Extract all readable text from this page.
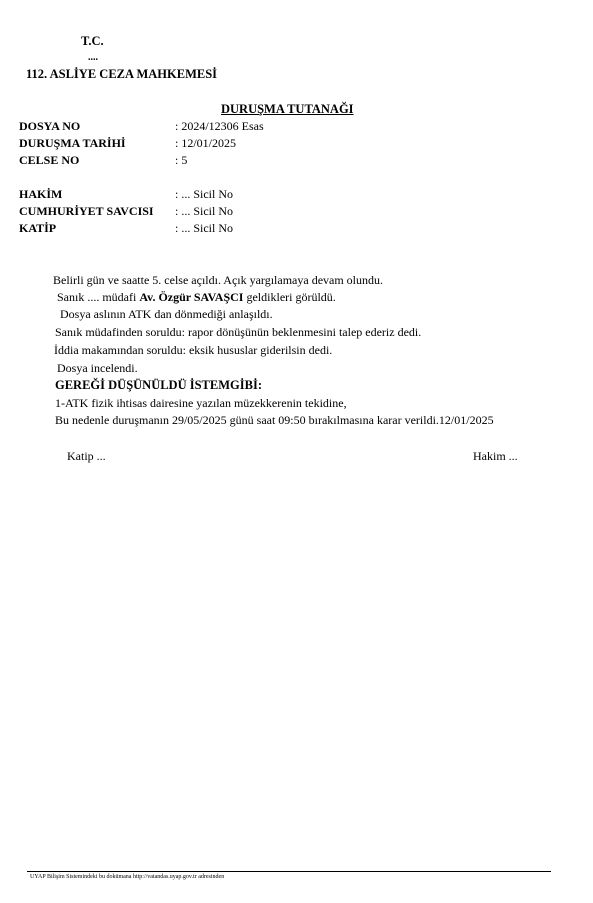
T.C.
....
112. ASLİYE CEZA MAHKEMESİ
DURUŞMA TUTANAĞI
DOSYA NO	: 2024/12306 Esas
DURUŞMA TARİHİ	: 12/01/2025
CELSE NO	: 5
HAKİM	: ... Sicil No
CUMHURİYET SAVCISI : ... Sicil No
KATİP	: ... Sicil No
Belirli gün ve saatte 5. celse açıldı. Açık yargılamaya devam olundu.
Sanık .... müdafi Av. Özgür SAVAŞCI geldikleri görüldü.
Dosya aslının ATK dan dönmediği anlaşıldı.
Sanık müdafinden soruldu: rapor dönüşünün beklenmesini talep ederiz dedi.
İddia makamından soruldu: eksik hususlar giderilsin dedi.
Dosya incelendi.
GEREĞİ DÜŞÜNÜLDÜ İSTEMGİBİ:
1-ATK fizik ihtisas dairesine yazılan müzekkerenin tekidine,
Bu nedenle duruşmanın 29/05/2025 günü saat 09:50 bırakılmasına karar verildi.12/01/2025
Katip ...	Hakim ...
UYAP Bilişim Sistemindeki bu dokümana http://vatandas.uyap.gov.tr adresinden
